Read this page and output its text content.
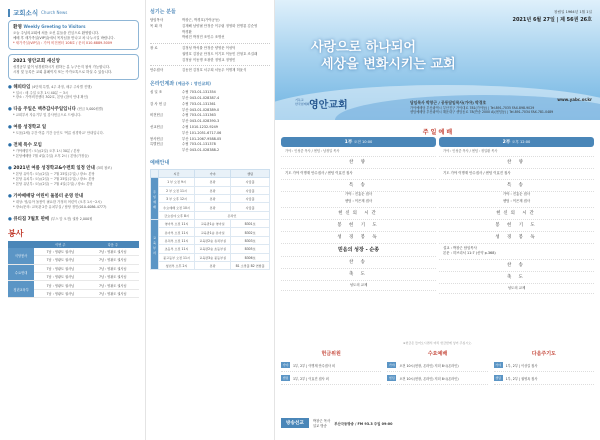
교회소식 Church News
환영 Weekly Greeting to Visitors
오늘 주님의교회에 처음 오신 분들을 진심으로 환영합니다.
예배 후 새가족실(VIP실)에서 목자님을 만나고 차 나누시길 바랍니다.
* 새가족실(VIP실) : 가야 비전센터 108호 / 문의 010-6889-5009
2021 영안교회 새신앙
성경공부 없이 성경원하시기 원하는 분 누구든지 참석 가능합니다.
시청 및 등록은 교회 홈페이지 또는 카카오톡으로 하실 수 있습니다.
● 해피타임 (4단계 특별, 4주 과정, 매주 주차별 진행)
* 일시 : 매 주일 오후 1시 40분 ~ 3시
* 장소 : 가야비전센터 302호, 본당 (참석 안내 확인)
● 다음 주일은 맥추감사주일입니다 (헌금 5,000원별)
* 교회부서 자유기부 및 감사헌금으로 드립니다.
● 여름 성경학교 일
* 도움(2세) 주간 여름 기간 등인도 '여름 성경학교' 안내입니다.
● 전체 특수 모임
* 가야배맡기: 오늘(2일) 오후 1시 30분 / 본당
* 본당예배당 7월 4일(주일) 오후 2시 / 본당(가정들)
● 2021년 여름 성경학교&수련회 일정 안내 (3회 참조)
* 본당 유아부: 오늘(2일) ~ 7월 25일(주일) / 장소: 본당
* 본당 유치부: 오늘(2일) ~ 7월 25일(주일) / 장소: 본당
* 본당 유년부: 오늘(2일) ~ 7월 4일(주일) / 장소: 본당
● 가야배배당 어린이 돌봄터 운영 안내
* 대상: 영/유아 돌봄이 필요한 가정의 어린이 (오후 1시~2시)
* 장소/문의: 교육관 2층 유치부실 / 담당 정민(010-4086-4777)
● 큐티집 7월호 판매 (부스 앞 오전) 권장 2,000원
봉사
	이번 주	다음 주
식당봉사	7남 : 영광도 권사님	7남 : 영광도 권사님
	7남 : 영광도 권사님	7남 : 영광도 권사님
수요헌대	7남 : 영광도 권사님	7남 : 영광도 권사님
	7남 : 영광도 권사님	7남 : 영광도 권사님
청년교육부	7남 : 영광도 권사님	7남 : 영광도 권사님
	7남 : 영광도 권사님	7남 : 영광도 권사님
섬기는 분들
담임목사	박창근, 박경호(가야공동)
목 회 자	김재해 남양필 안정증 이우림 정영화 현명룡 김순영
박경환
박평전 박정민 조민수 조명선
장 로	김정성 박석률 안정증 양영문 이성덕
권명호 김창균 안정도 이기호 이동민 전형호 조걸래
김정남 이동명 조광한 정영교 정영민
안수집사	김동현 김정호 서주희 서동우 이명재 허윤식
온라인계좌 (예금주 : 영안교회)
십 일 조	수협 703-01-131354
부산 043-01-028387-4
감 사 헌 금	수협 703-01-131361
부산 043-01-028389-0
비전헌금	수협 703-01-131363
부산 043-01-028390-3
선교헌금	수협 1010-1232-9249
부산 101-2051-6717-06
봉사헌금	부산 101-2067-9588-05
특별헌금	수협 703-01-131378
부산 043-01-028388-2
예배안내
	시간	가야	센텀
주일예배	1 부 오전 9시	본당	사랑홀
	2 부 오전 11시	본당	사랑홀
	3 부 오후 12시	본당	사랑홀
	수요예배 오전 10시	본당	사랑홀
	금요심야 오후 8시	온라인	
교육부서	영아부 오전 11시	교육관1층 영아실	B301호
	유아부 오전 11시	교육관1층 유아실	B302호
	유치부 오전 11시	교육관2층 유치부실	B303호
	초등부 오전 11시	교육관2층 초등부실	B305호
	중고등부 오전 11시	교육관3층 중등부실	B306호
	청년부 오후 2시	본당	B1 소망홀 B2 연합홀
창립일 1964년 1월 1일
2021년 6월 27일 | 제 56권 26호
사랑으로 하나되어
세상을 변화시키는 교회
기독교
한국침례회 영안교회
www.yabc.or.kr
담임목사 박창근 / 공동담임목사(가야) 박경호
가야예배당 부산광역시 부산진구 가야대로 781(가야동) | Tel.891-7035 FAX.898-9029
센텀예배당 부산광역시 해운대구 센텀동로 78(반송 2000 A)(센텀동) | Tel.891-7034 FAX.781-0489
주 일 예 배
1부 오전 10:00
가야 : 인성중 목사 / 센텀 : 남정일 목사
찬 양
기도 가야 이병재 안수집사 / 센텀 이효진 집사
특 송
가야 : 진흥순 집사
센텀 : 이은재 집사
헌신의 시간
봉 헌 기 도
성 경 봉 독
믿음의 성장 - 순종
찬 송
축 도
성도의 교제
2부 오후 12:00
가야 : 인성중 목사 / 센텀 : 정일환 목사
찬 양
기도 가야 이병재 안수집사 / 센텀 이효진 집사
특 송
가야 : 진흥순 집사
센텀 : 이은재 집사
헌신의 시간
봉 헌 기 도
성 경 봉 독
설교 : 박창근 담임목사
본문 : 히브리서 11:7 (신약 p.368)
찬 송
축 도
성도의 교제
※헌금은 들어오시면서 미리 헌금함에 넣어 주십시오.
헌금위원
가야	1부, 2부 | 이병재 안수집사 외
센텀	1부, 2부 | 이효진 집사 외
수요예배
가야	오전 10시(현장, 온라인) 저녁 8시(온라인)
센텀	오전 10시(현장, 온라인) 저녁 8시(온라인)
다음주기도
가야	1부, 2부 | 이상길 집사
센텀	1부, 2부 | 권영옥 집사
방송선교	박창근 목사
설교 방송
부산극동방송 / FM 93.3 주일 09:00
